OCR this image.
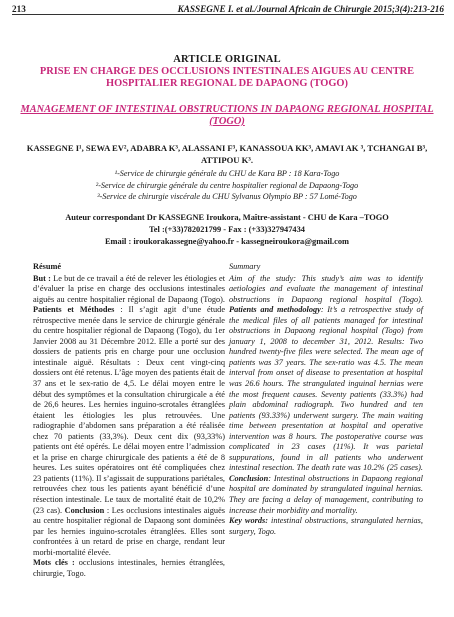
213	KASSEGNE I. et al./Journal Africain de Chirurgie 2015;3(4):213-216
ARTICLE ORIGINAL
PRISE EN CHARGE DES OCCLUSIONS INTESTINALES AIGUES AU CENTRE HOSPITALIER REGIONAL DE DAPAONG (TOGO)
MANAGEMENT OF INTESTINAL OBSTRUCTIONS IN DAPAONG REGIONAL HOSPITAL (TOGO)
KASSEGNE I¹, SEWA EV², ADABRA K³, ALASSANI F³, KANASSOUA KK³, AMAVI AK ³, TCHANGAI B³, ATTIPOU K³.
¹-Service de chirurgie générale du CHU de Kara BP : 18 Kara-Togo
²-Service de chirurgie générale du centre hospitalier regional de Dapaong-Togo
³-Service de chirurgie viscérale du CHU Sylvanus Olympio BP : 57 Lomé-Togo
Auteur correspondant Dr KASSEGNE Iroukora, Maître-assistant - CHU de Kara –TOGO
Tel :(+33)782021799 - Fax : (+33)327947434
Email : iroukorakassegne@yahoo.fr - kassegneiroukora@gmail.com
Résumé

But : Le but de ce travail a été de relever les étiologies et d’évaluer la prise en charge des occlusions intestinales aiguës au centre hospitalier régional de Dapaong (Togo). Patients et Méthodes : Il s’agit agit d’une étude rétrospective menée dans le service de chirurgie générale du centre hospitalier régional de Dapaong (Togo), du 1er Janvier 2008 au 31 Décembre 2012. Elle a porté sur des dossiers de patients pris en charge pour une occlusion intestinale aiguë. Résultats : Deux cent vingt-cinq dossiers ont été retenus. L’âge moyen des patients était de 37 ans et le sex-ratio de 4,5. Le délai moyen entre le début des symptômes et la consultation chirurgicale a été de 26,6 heures. Les hernies inguino-scrotales étranglées étaient les étiologies les plus retrouvées. Une radiographie d’abdomen sans préparation a été réalisée chez 70 patients (33,3%). Deux cent dix (93,33%) patients ont été opérés. Le délai moyen entre l’admission et la prise en charge chirurgicale des patients a été de 8 heures. Les suites opératoires ont été compliquées chez 23 patients (11%). Il s’agissait de suppurations pariétales, retrouvées chez tous les patients ayant bénéficié d’une résection intestinale. Le taux de mortalité était de 10,2% (23 cas). Conclusion : Les occlusions intestinales aiguës au centre hospitalier régional de Dapaong sont dominées par les hernies inguino-scrotales étranglées. Elles sont confrontées à un retard de prise en charge, rendant leur morbi-mortalité élevée.

Mots clés : occlusions intestinales, hernies étranglées, chirurgie, Togo.

Summary

Aim of the study: This study’s aim was to identify aetiologies and evaluate the management of intestinal obstructions in Dapaong regional hospital (Togo). Patients and methodology: It’s a retrospective study of the medical files of all patients managed for intestinal obstructions in Dapaong regional hospital (Togo) from january 1, 2008 to december 31, 2012. Results: Two hundred twenty-five files were selected. The mean age of patients was 37 years. The sex-ratio was 4.5. The mean interval from onset of disease to presentation at hospital was 26.6 hours. The strangulated inguinal hernias were the most frequent causes. Seventy patients (33.3%) had plain abdominal radiograph. Two hundred and ten patients (93.33%) underwent surgery. The main waiting time between presentation at hospital and operative intervention was 8 hours. The postoperative course was complicated in 23 cases (11%). It was parietal suppurations, found in all patients who underwent intestinal resection. The death rate was 10.2% (25 cases). Conclusion: Intestinal obstructions in Dapaong regional hospital are dominated by strangulated inguinal hernias. They are facing a delay of management, contributing to increase their morbidity and mortality.

Key words: intestinal obstructions, strangulated hernias, surgery, Togo.
